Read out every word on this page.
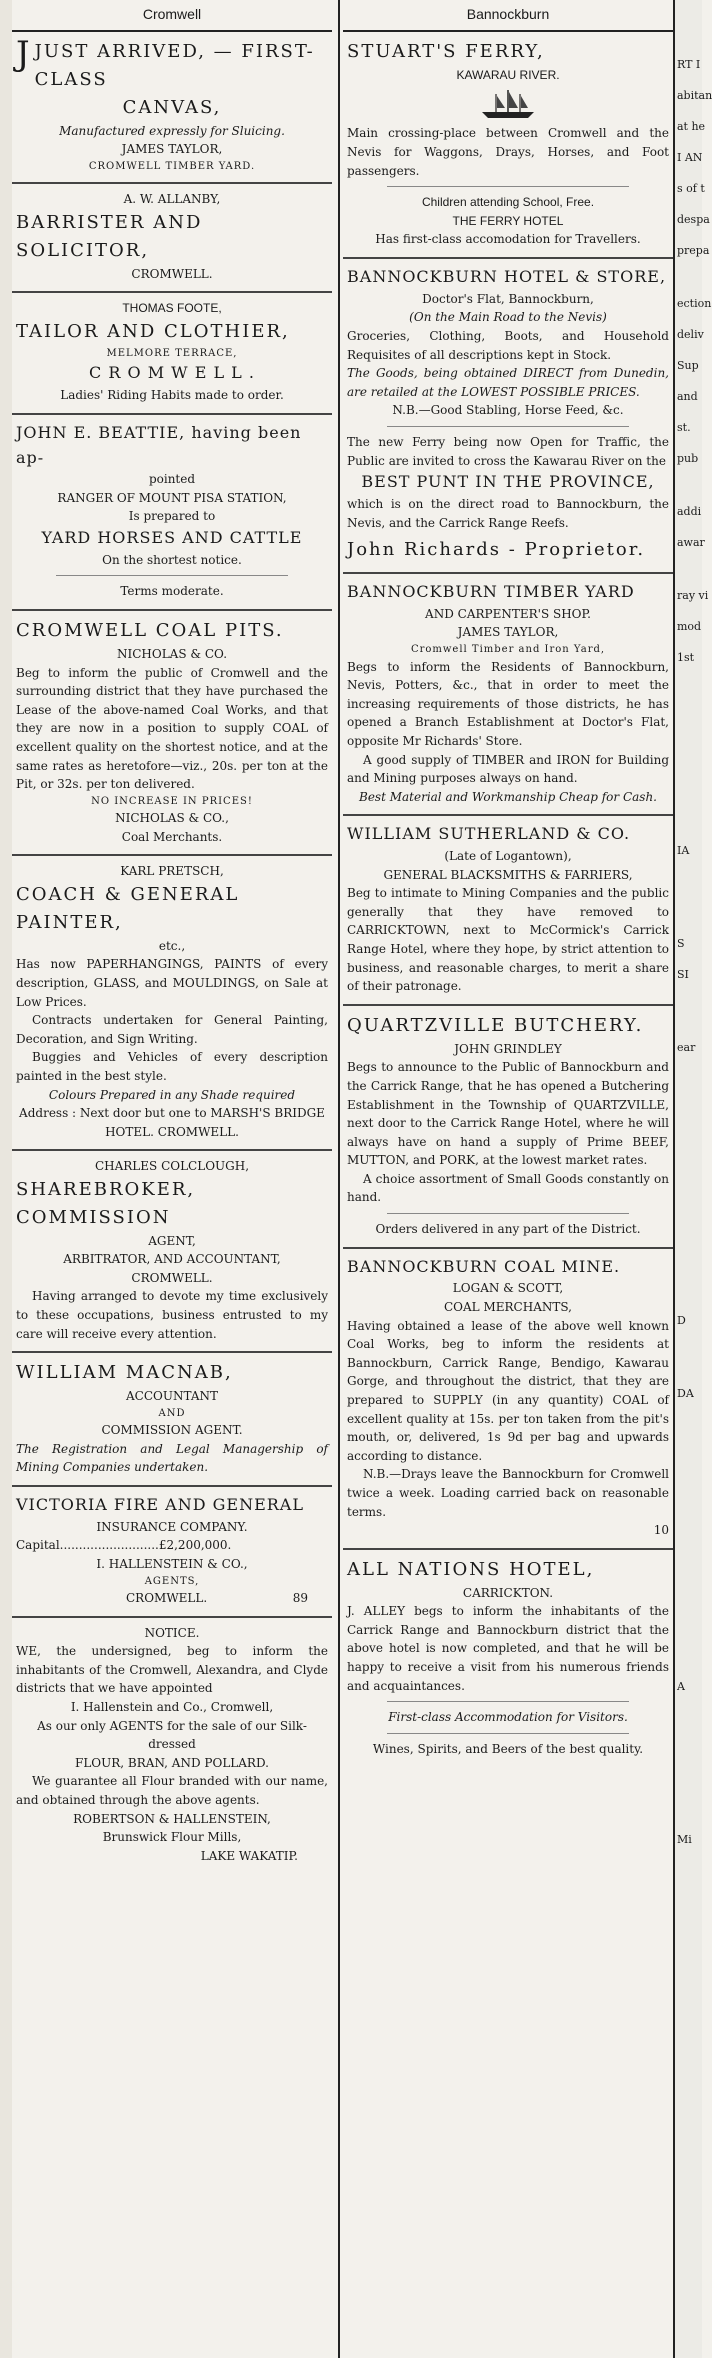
Cromwell
JJUST ARRIVED, — FIRST-CLASS
CANVAS,
Manufactured expressly for Sluicing.
JAMES TAYLOR,
CROMWELL TIMBER YARD.
A. W. ALLANBY,
BARRISTER AND SOLICITOR,
CROMWELL.
THOMAS FOOTE,
TAILOR AND CLOTHIER,
MELMORE TERRACE,
C R O M W E L L .
Ladies' Riding Habits made to order.
JOHN E. BEATTIE, having been ap-
pointed
RANGER OF MOUNT PISA STATION,
Is prepared to
YARD HORSES AND CATTLE
On the shortest notice.
Terms moderate.
CROMWELL COAL PITS.
NICHOLAS & CO.
Beg to inform the public of Cromwell and the surrounding district that they have purchased the Lease of the above-named Coal Works, and that they are now in a position to supply COAL of excellent quality on the shortest notice, and at the same rates as heretofore—viz., 20s. per ton at the Pit, or 32s. per ton delivered.
NO INCREASE IN PRICES!
NICHOLAS & CO.,
Coal Merchants.
KARL PRETSCH,
COACH & GENERAL PAINTER,
etc.,
Has now PAPERHANGINGS, PAINTS of every description, GLASS, and MOULDINGS, on Sale at Low Prices.
Contracts undertaken for General Painting, Decoration, and Sign Writing.
Buggies and Vehicles of every description painted in the best style.
Colours Prepared in any Shade required
Address : Next door but one to MARSH'S BRIDGE HOTEL. CROMWELL.
CHARLES COLCLOUGH,
SHAREBROKER, COMMISSION
AGENT,
ARBITRATOR, AND ACCOUNTANT,
CROMWELL.
Having arranged to devote my time exclusively to these occupations, business entrusted to my care will receive every attention.
WILLIAM MACNAB,
ACCOUNTANT
AND
COMMISSION AGENT.
The Registration and Legal Managership of Mining Companies undertaken.
VICTORIA FIRE AND GENERAL
INSURANCE COMPANY.
Capital..........................£2,200,000.
I. HALLENSTEIN & CO.,
AGENTS,
CROMWELL.	89
NOTICE.
WE, the undersigned, beg to inform the inhabitants of the Cromwell, Alexandra, and Clyde districts that we have appointed
I. Hallenstein and Co., Cromwell,
As our only AGENTS for the sale of our Silk-dressed
FLOUR, BRAN, AND POLLARD.
We guarantee all Flour branded with our name, and obtained through the above agents.
ROBERTSON & HALLENSTEIN,
Brunswick Flour Mills,
LAKE WAKATIP.
Bannockburn
STUART'S FERRY,
KAWARAU RIVER.
Main crossing-place between Cromwell and the Nevis for Waggons, Drays, Horses, and Foot passengers.
Children attending School, Free.
THE FERRY HOTEL
Has first-class accomodation for Travellers.
BANNOCKBURN HOTEL & STORE,
Doctor's Flat, Bannockburn,
(On the Main Road to the Nevis)
Groceries, Clothing, Boots, and Household Requisites of all descriptions kept in Stock.
The Goods, being obtained DIRECT from Dunedin, are retailed at the LOWEST POSSIBLE PRICES.
N.B.—Good Stabling, Horse Feed, &c.
The new Ferry being now Open for Traffic, the Public are invited to cross the Kawarau River on the
BEST PUNT IN THE PROVINCE,
which is on the direct road to Bannockburn, the Nevis, and the Carrick Range Reefs.
John Richards - Proprietor.
BANNOCKBURN TIMBER YARD
AND CARPENTER'S SHOP.
JAMES TAYLOR,
Cromwell Timber and Iron Yard,
Begs to inform the Residents of Bannockburn, Nevis, Potters, &c., that in order to meet the increasing requirements of those districts, he has opened a Branch Establishment at Doctor's Flat, opposite Mr Richards' Store.
A good supply of TIMBER and IRON for Building and Mining purposes always on hand.
Best Material and Workmanship Cheap for Cash.
WILLIAM SUTHERLAND & CO.
(Late of Logantown),
GENERAL BLACKSMITHS & FARRIERS,
Beg to intimate to Mining Companies and the public generally that they have removed to CARRICKTOWN, next to McCormick's Carrick Range Hotel, where they hope, by strict attention to business, and reasonable charges, to merit a share of their patronage.
QUARTZVILLE BUTCHERY.
JOHN GRINDLEY
Begs to announce to the Public of Bannockburn and the Carrick Range, that he has opened a Butchering Establishment in the Township of QUARTZVILLE, next door to the Carrick Range Hotel, where he will always have on hand a supply of Prime BEEF, MUTTON, and PORK, at the lowest market rates.
A choice assortment of Small Goods constantly on hand.
Orders delivered in any part of the District.
BANNOCKBURN COAL MINE.
LOGAN & SCOTT,
COAL MERCHANTS,
Having obtained a lease of the above well known Coal Works, beg to inform the residents at Bannockburn, Carrick Range, Bendigo, Kawarau Gorge, and throughout the district, that they are prepared to SUPPLY (in any quantity) COAL of excellent quality at 15s. per ton taken from the pit's mouth, or, delivered, 1s 9d per bag and upwards according to distance.
N.B.—Drays leave the Bannockburn for Cromwell twice a week. Loading carried back on reasonable terms.
10
ALL NATIONS HOTEL,
CARRICKTON.
J. ALLEY begs to inform the inhabitants of the Carrick Range and Bannockburn district that the above hotel is now completed, and that he will be happy to receive a visit from his numerous friends and acquaintances.
First-class Accommodation for Visitors.
Wines, Spirits, and Beers of the best quality.
RT I
abitan
at he
I AN
s of t
despa
prepa
ection
deliv
Sup
and
st.
pub
addi
awar
ray vi
mod
1st
IA
S
SI
ear
D
DA
A
Mi
